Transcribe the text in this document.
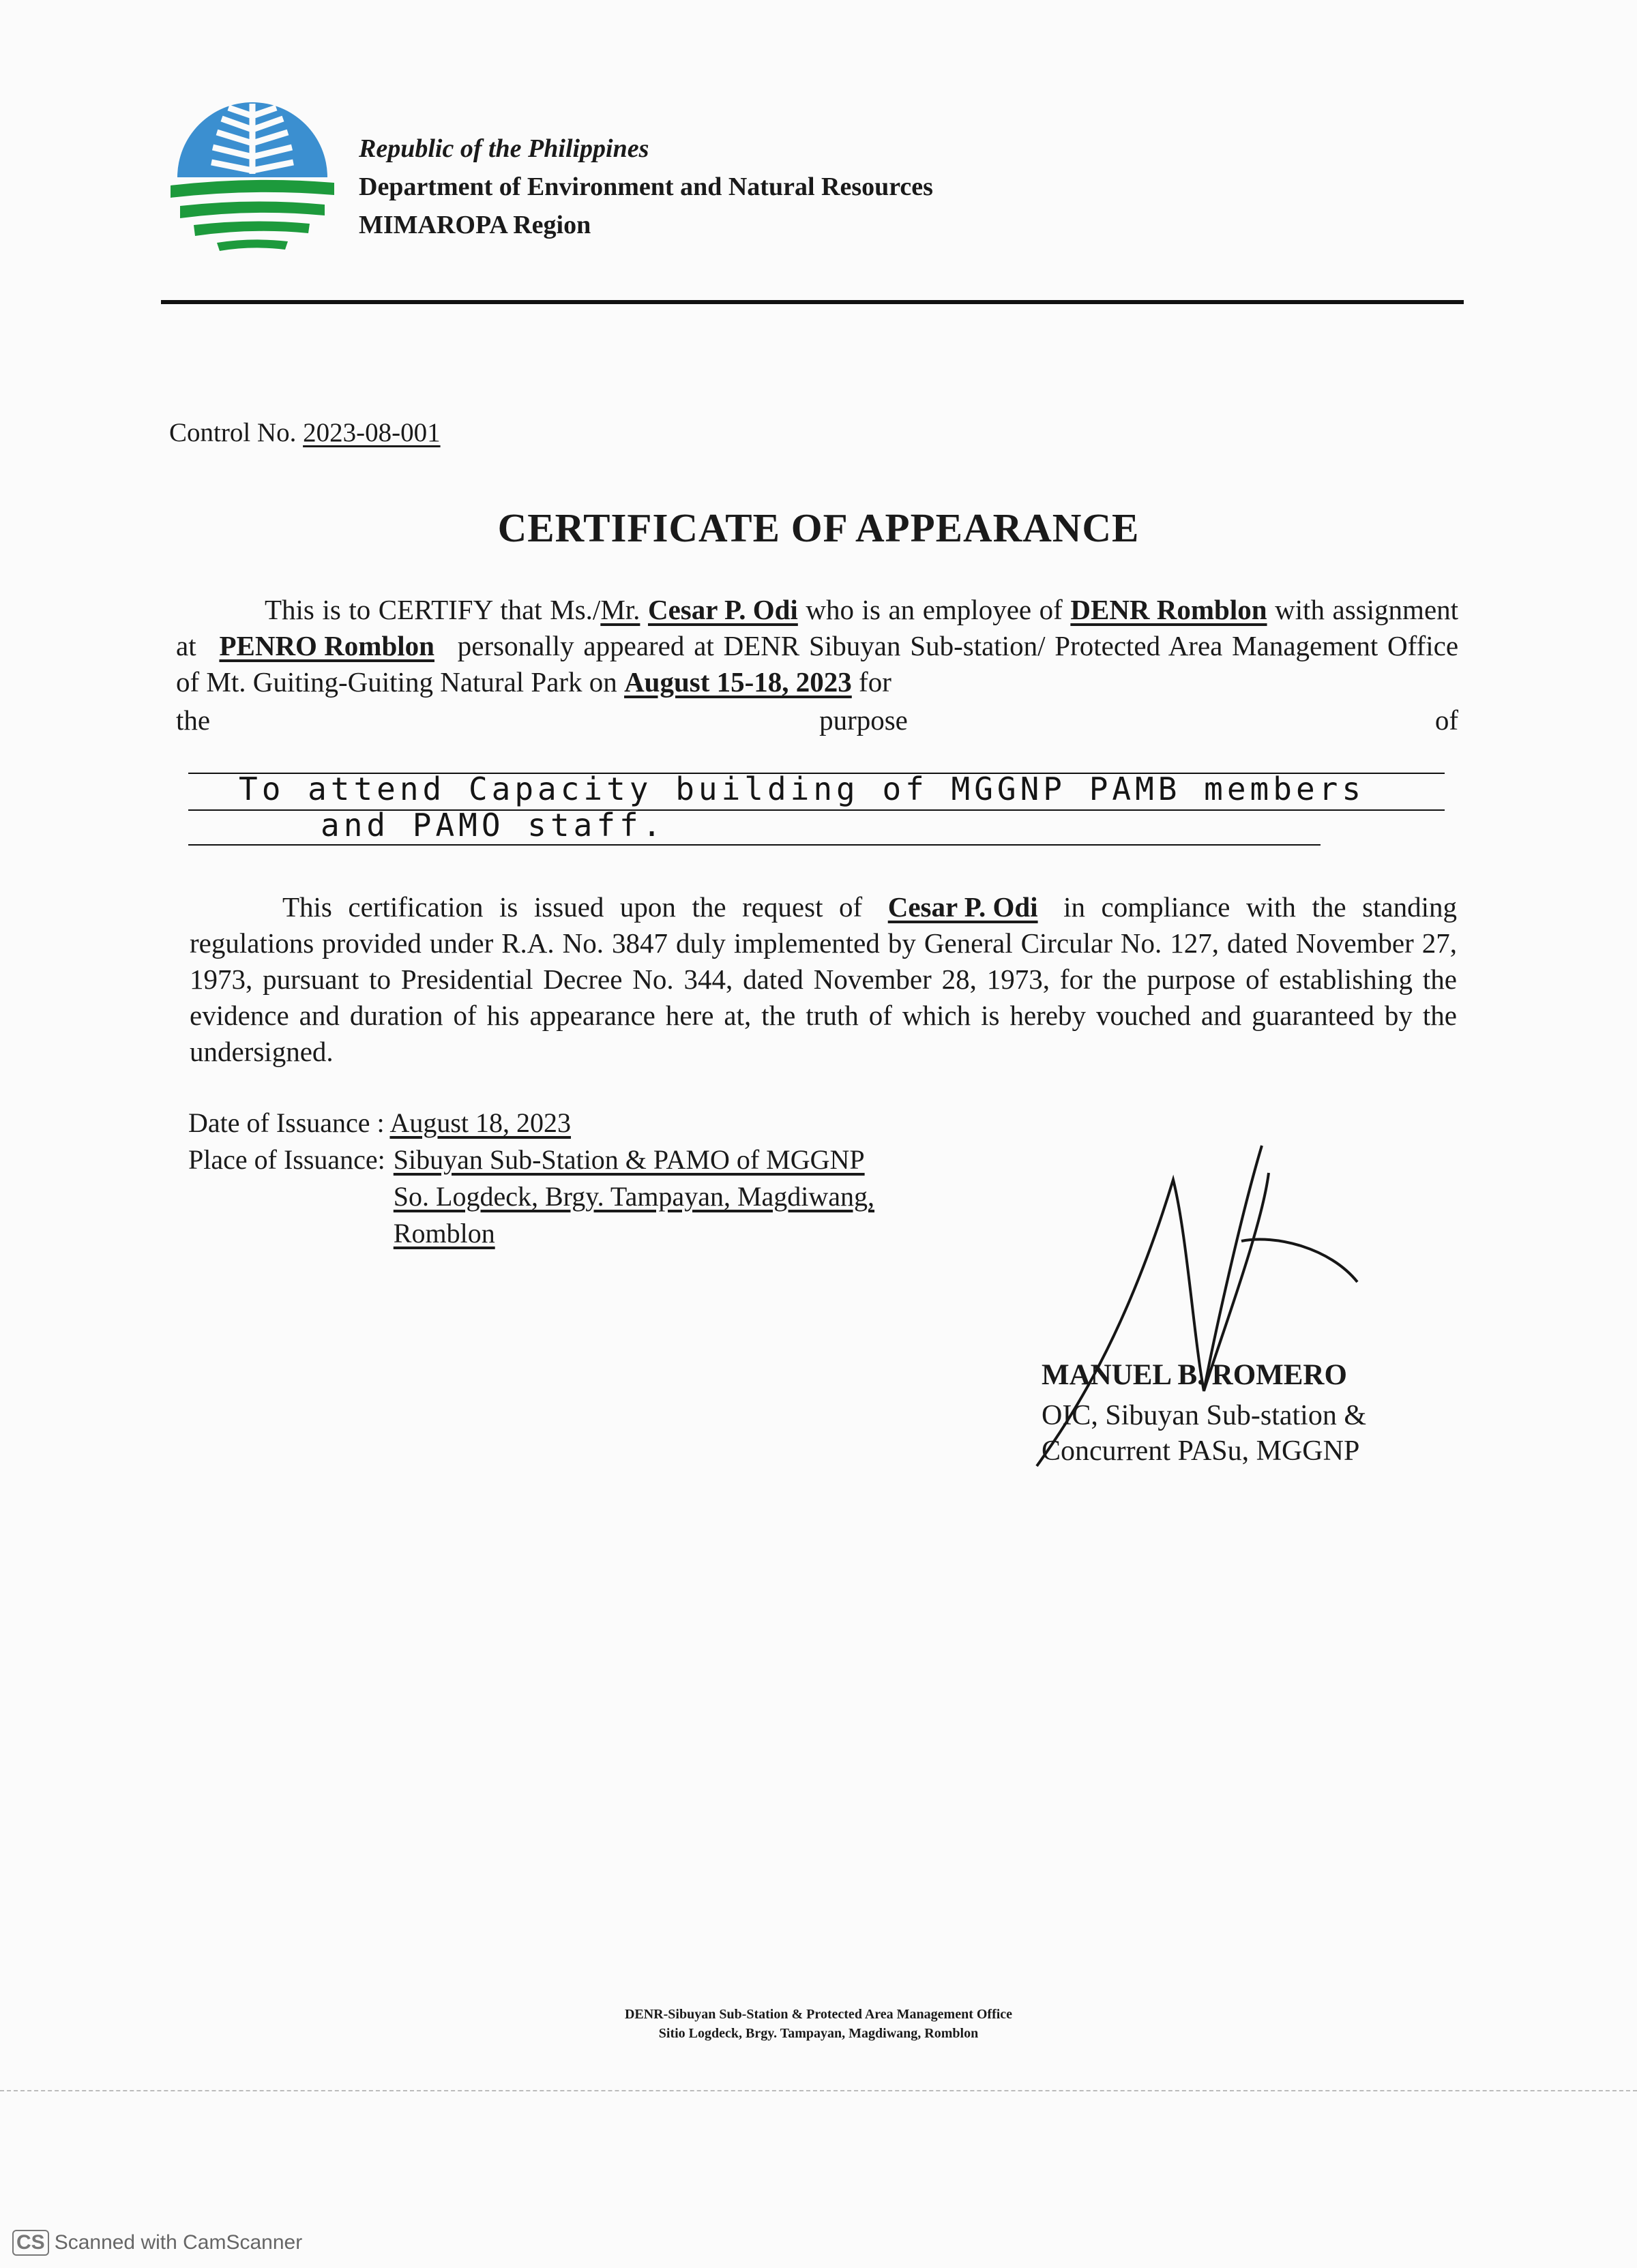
Republic of the Philippines
Department of Environment and Natural Resources
MIMAROPA Region
Control No. 2023-08-001
CERTIFICATE OF APPEARANCE
This is to CERTIFY that Ms./Mr. Cesar P. Odi who is an employee of DENR Romblon with assignment at PENRO Romblon personally appeared at DENR Sibuyan Sub-station/ Protected Area Management Office of Mt. Guiting-Guiting Natural Park on August 15-18, 2023 for
the	purpose	of
To attend Capacity building of MGGNP PAMB members
and PAMO staff.
This certification is issued upon the request of Cesar P. Odi in compliance with the standing regulations provided under R.A. No. 3847 duly implemented by General Circular No. 127, dated November 27, 1973, pursuant to Presidential Decree No. 344, dated November 28, 1973, for the purpose of establishing the evidence and duration of his appearance here at, the truth of which is hereby vouched and guaranteed by the undersigned.
Date of Issuance : August 18, 2023
Place of Issuance: Sibuyan Sub-Station & PAMO of MGGNP
So. Logdeck, Brgy. Tampayan, Magdiwang,
Romblon
MANUEL B. ROMERO
OIC, Sibuyan Sub-station &
Concurrent PASu, MGGNP
DENR-Sibuyan Sub-Station & Protected Area Management Office
Sitio Logdeck, Brgy. Tampayan, Magdiwang, Romblon
CS Scanned with CamScanner
